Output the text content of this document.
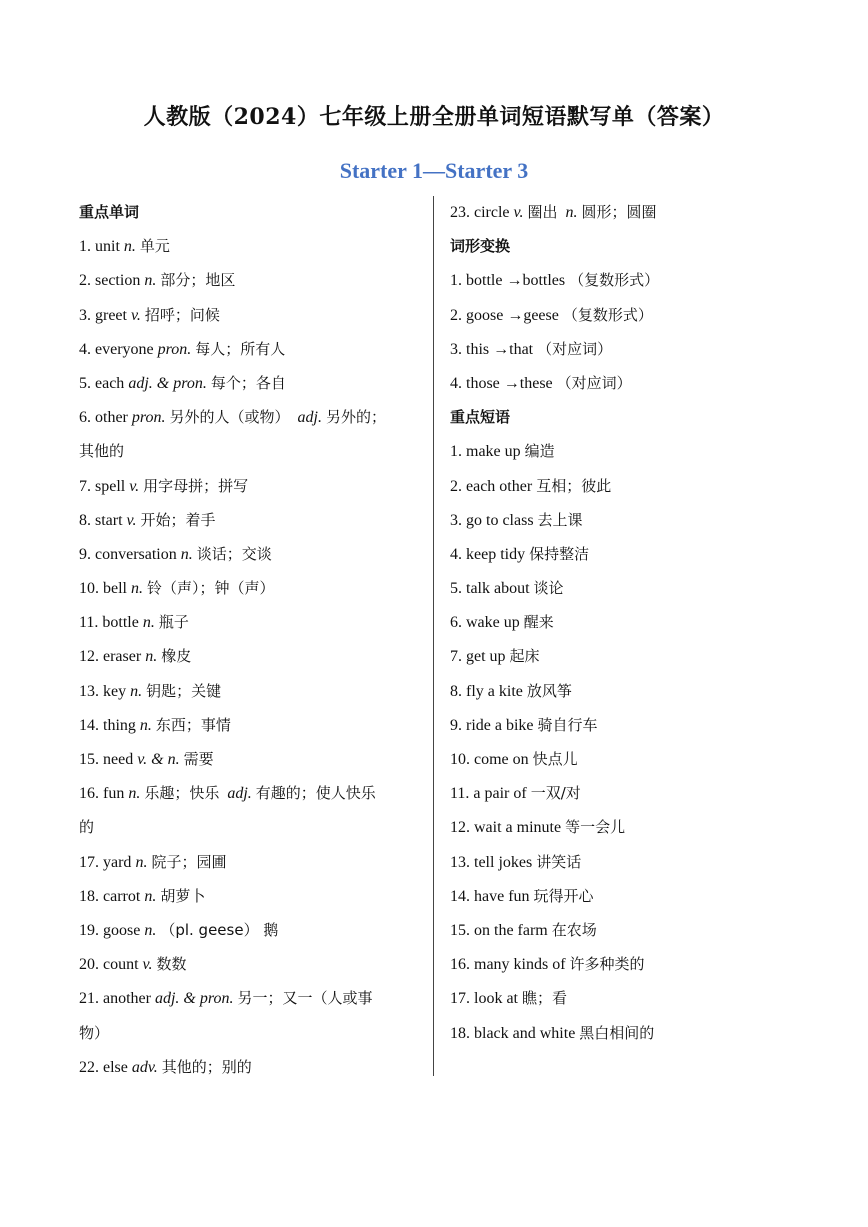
人教版（2024）七年级上册全册单词短语默写单（答案）
Starter 1—Starter 3
重点单词
1. unit n. 单元
2. section n. 部分；地区
3. greet v. 招呼；问候
4. everyone pron. 每人；所有人
5. each adj. & pron. 每个；各自
6. other pron. 另外的人（或物） adj. 另外的；
其他的
7. spell v. 用字母拼；拼写
8. start v. 开始；着手
9. conversation n. 谈话；交谈
10. bell n. 铃（声）；钟（声）
11. bottle n. 瓶子
12. eraser n. 橡皮
13. key n. 钥匙；关键
14. thing n. 东西；事情
15. need v. & n. 需要
16. fun n. 乐趣；快乐 adj. 有趣的；使人快乐
的
17. yard n. 院子；园圃
18. carrot n. 胡萝卜
19. goose n. （pl. geese） 鹅
20. count v. 数数
21. another adj. & pron. 另一；又一（人或事
物）
22. else adv. 其他的；别的
23. circle v. 圈出 n. 圆形；圆圈
词形变换
1. bottle →bottles （复数形式）
2. goose →geese （复数形式）
3. this →that （对应词）
4. those →these （对应词）
重点短语
1. make up 编造
2. each other 互相；彼此
3. go to class 去上课
4. keep tidy 保持整洁
5. talk about 谈论
6. wake up 醒来
7. get up 起床
8. fly a kite 放风筝
9. ride a bike 骑自行车
10. come on 快点儿
11. a pair of 一双/对
12. wait a minute 等一会儿
13. tell jokes 讲笑话
14. have fun 玩得开心
15. on the farm 在农场
16. many kinds of 许多种类的
17. look at 瞧；看
18. black and white 黑白相间的
